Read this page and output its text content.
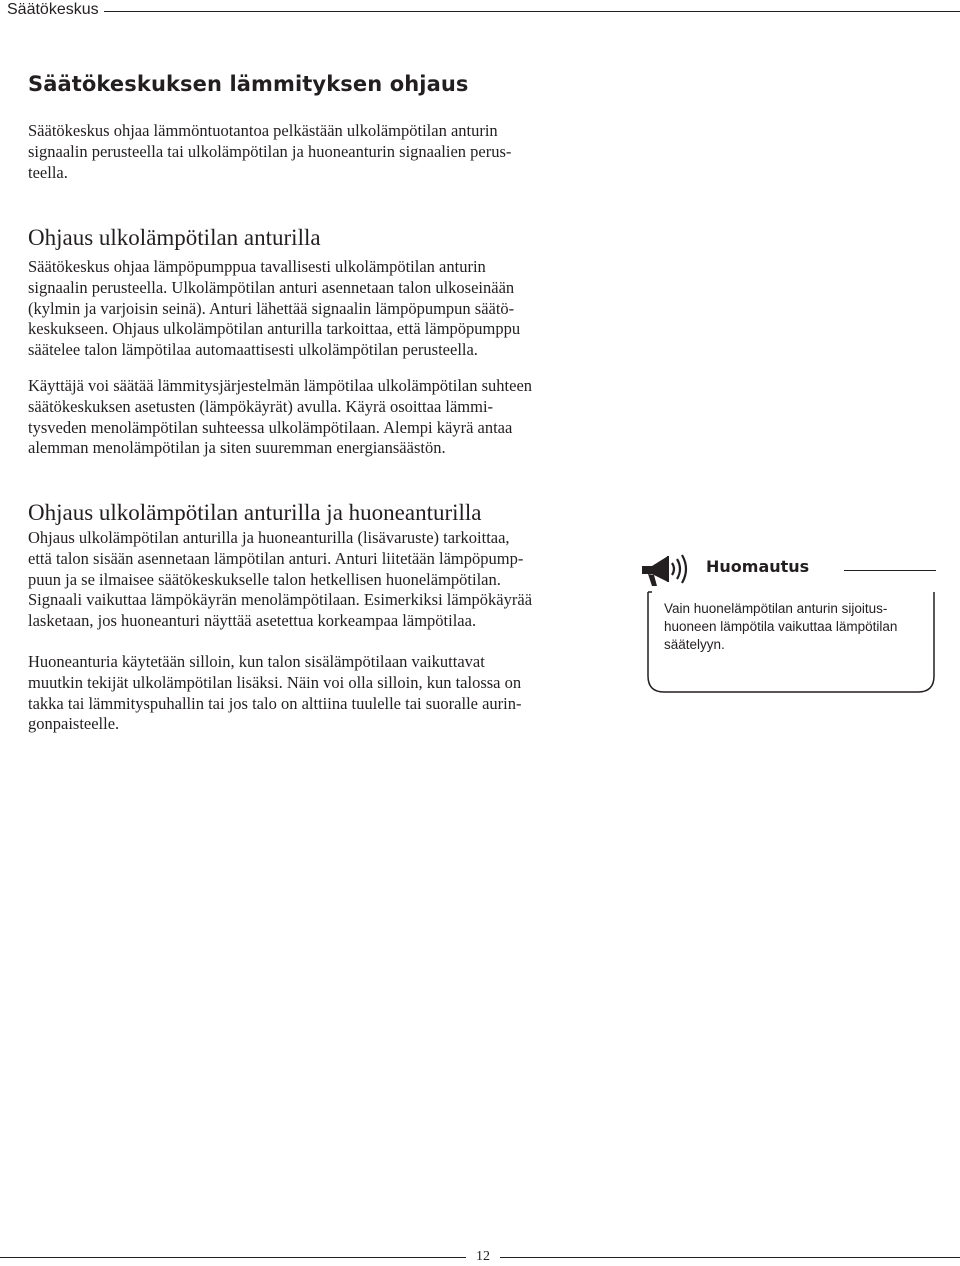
Säätökeskus
Säätökeskuksen lämmityksen ohjaus
Säätökeskus ohjaa lämmöntuotantoa pelkästään ulkolämpötilan anturin
signaalin perusteella tai ulkolämpötilan ja huoneanturin signaalien perus-
teella.
Ohjaus ulkolämpötilan anturilla
Säätökeskus ohjaa lämpöpumppua tavallisesti ulkolämpötilan anturin
signaalin perusteella. Ulkolämpötilan anturi asennetaan talon ulkoseinään
(kylmin ja varjoisin seinä). Anturi lähettää signaalin lämpöpumpun säätö-
keskukseen. Ohjaus ulkolämpötilan anturilla tarkoittaa, että lämpöpumppu
säätelee talon lämpötilaa automaattisesti ulkolämpötilan perusteella.
Käyttäjä voi säätää lämmitysjärjestelmän lämpötilaa ulkolämpötilan suhteen
säätökeskuksen asetusten (lämpökäyrät) avulla. Käyrä osoittaa lämmi-
tysveden menolämpötilan suhteessa ulkolämpötilaan. Alempi käyrä antaa
alemman menolämpötilan ja siten suuremman energiansäästön.
Ohjaus ulkolämpötilan anturilla ja huoneanturilla
Ohjaus ulkolämpötilan anturilla ja huoneanturilla (lisävaruste) tarkoittaa,
että talon sisään asennetaan lämpötilan anturi. Anturi liitetään lämpöpump-
puun ja se ilmaisee säätökeskukselle talon hetkellisen huonelämpötilan.
Signaali vaikuttaa lämpökäyrän menolämpötilaan. Esimerkiksi lämpökäyrää
lasketaan, jos huoneanturi näyttää asetettua korkeampaa lämpötilaa.
Huoneanturia käytetään silloin, kun talon sisälämpötilaan vaikuttavat
muutkin tekijät ulkolämpötilan lisäksi. Näin voi olla silloin, kun talossa on
takka tai lämmityspuhallin tai jos talo on alttiina tuulelle tai suoralle aurin-
gonpaisteelle.
Huomautus
Vain huonelämpötilan anturin sijoitus-
huoneen lämpötila vaikuttaa lämpötilan
säätelyyn.
12
